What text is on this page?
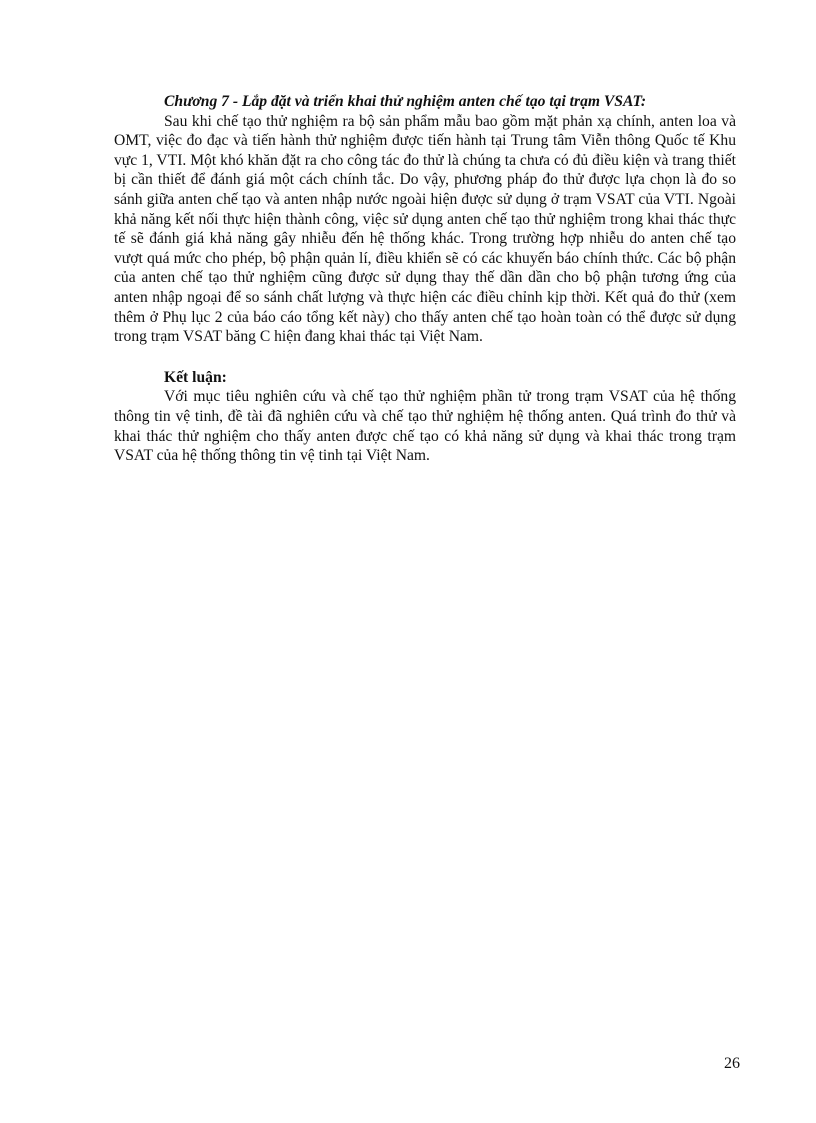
Chương 7 - Lắp đặt và triển khai thử nghiệm anten chế tạo tại trạm VSAT:

Sau khi chế tạo thử nghiệm ra bộ sản phẩm mẫu bao gồm mặt phản xạ chính, anten loa và OMT, việc đo đạc và tiến hành thử nghiệm được tiến hành tại Trung tâm Viễn thông Quốc tế Khu vực 1, VTI. Một khó khăn đặt ra cho công tác đo thử là chúng ta chưa có đủ điều kiện và trang thiết bị cần thiết để đánh giá một cách chính tắc. Do vậy, phương pháp đo thử được lựa chọn là đo so sánh giữa anten chế tạo và anten nhập nước ngoài hiện được sử dụng ở trạm VSAT của VTI. Ngoài khả năng kết nối thực hiện thành công, việc sử dụng anten chế tạo thử nghiệm trong khai thác thực tế sẽ đánh giá khả năng gây nhiễu đến hệ thống khác. Trong trường hợp nhiễu do anten chế tạo vượt quá mức cho phép, bộ phận quản lí, điều khiển sẽ có các khuyến báo chính thức. Các bộ phận của anten chế tạo thử nghiệm cũng được sử dụng thay thế dần dần cho bộ phận tương ứng của anten nhập ngoại để so sánh chất lượng và thực hiện các điều chỉnh kịp thời. Kết quả đo thử (xem thêm ở Phụ lục 2 của báo cáo tổng kết này) cho thấy anten chế tạo hoàn toàn có thể được sử dụng trong trạm VSAT băng C hiện đang khai thác tại Việt Nam.

Kết luận:

Với mục tiêu nghiên cứu và chế tạo thử nghiệm phần tử trong trạm VSAT của hệ thống thông tin vệ tinh, đề tài đã nghiên cứu và chế tạo thử nghiệm hệ thống anten. Quá trình đo thử và khai thác thử nghiệm cho thấy anten được chế tạo có khả năng sử dụng và khai thác trong trạm VSAT của hệ thống thông tin vệ tinh tại Việt Nam.

26
